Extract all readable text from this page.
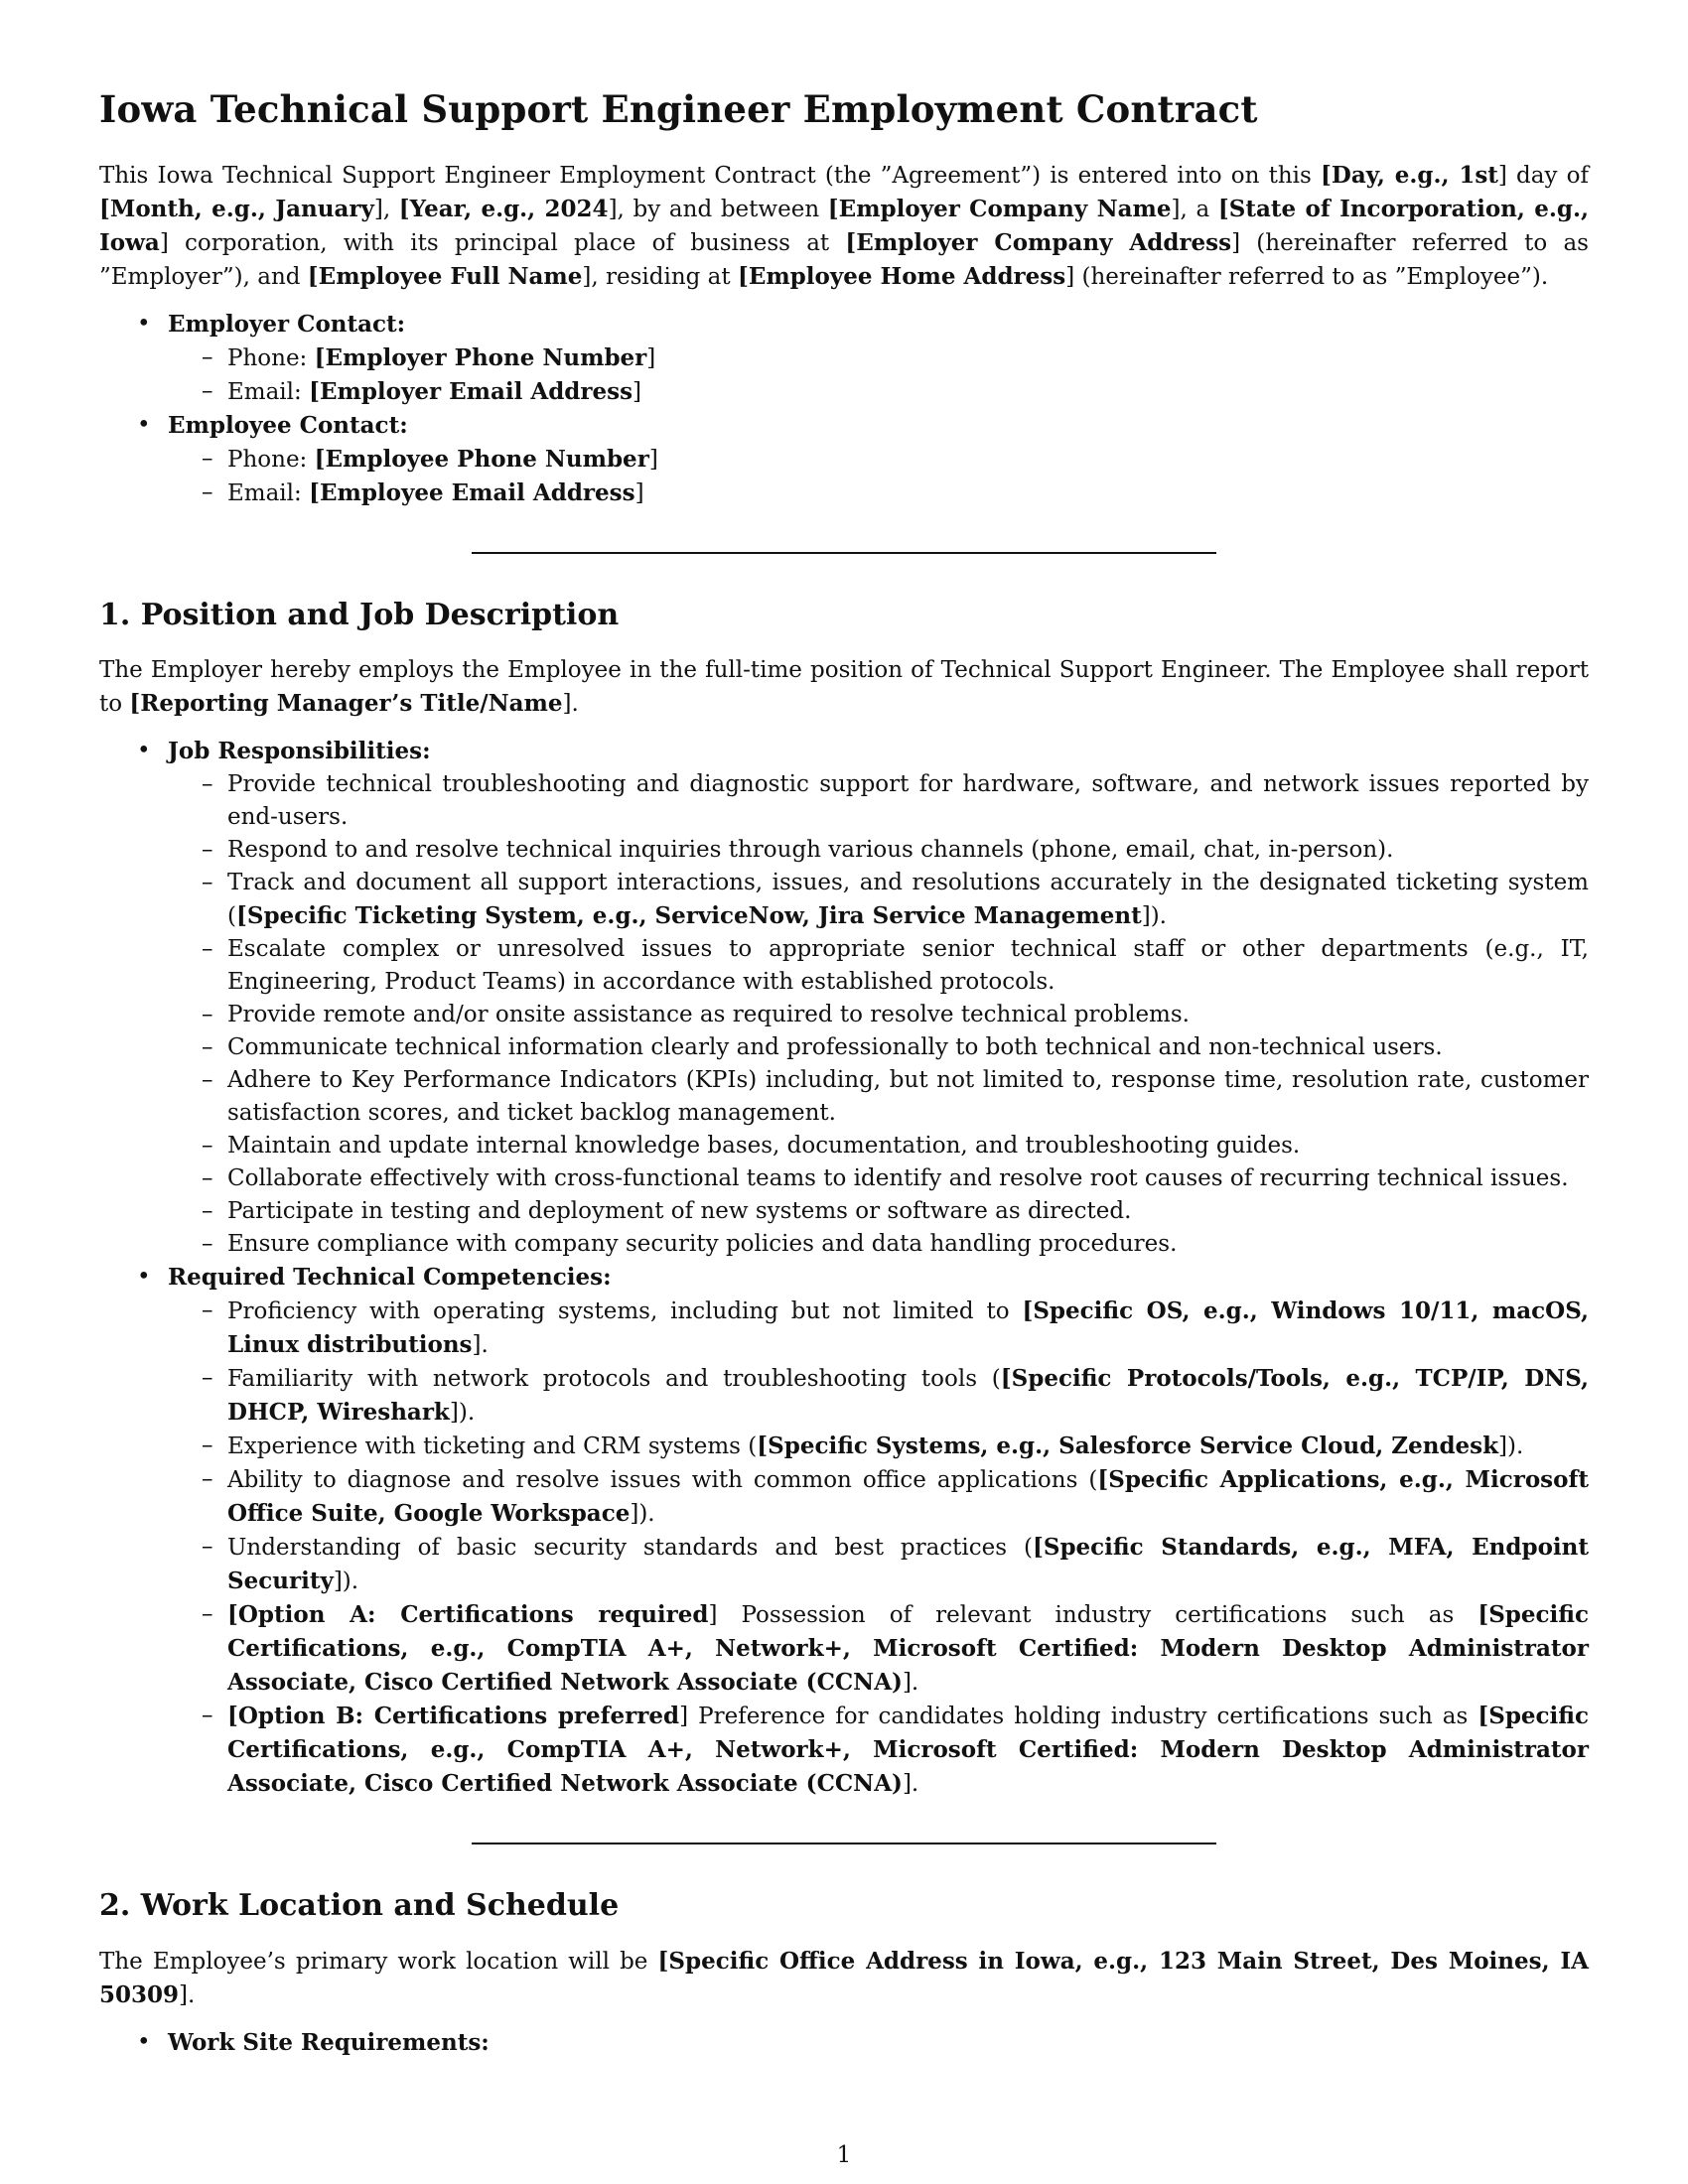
Iowa Technical Support Engineer Employment Contract

This Iowa Technical Support Engineer Employment Contract (the ”Agreement”) is entered into on this [Day, e.g., 1st] day of [Month, e.g., January], [Year, e.g., 2024], by and between [Employer Company Name], a [State of Incorporation, e.g., Iowa] corporation, with its principal place of business at [Employer Company Address] (hereinafter referred to as ”Employer”), and [Employee Full Name], residing at [Employee Home Address] (hereinafter referred to as ”Employee”).

• Employer Contact:
– Phone: [Employer Phone Number]
– Email: [Employer Email Address]
• Employee Contact:
– Phone: [Employee Phone Number]
– Email: [Employee Email Address]
1. Position and Job Description

The Employer hereby employs the Employee in the full-time position of Technical Support Engineer. The Employee shall report to [Reporting Manager’s Title/Name].

• Job Responsibilities:
– Provide technical troubleshooting and diagnostic support for hardware, software, and network issues reported by end-users.
– Respond to and resolve technical inquiries through various channels (phone, email, chat, in-person).
– Track and document all support interactions, issues, and resolutions accurately in the designated ticketing system ([Specific Ticketing System, e.g., ServiceNow, Jira Service Management]).
– Escalate complex or unresolved issues to appropriate senior technical staff or other departments (e.g., IT, Engineering, Product Teams) in accordance with established protocols.
– Provide remote and/or onsite assistance as required to resolve technical problems.
– Communicate technical information clearly and professionally to both technical and non-technical users.
– Adhere to Key Performance Indicators (KPIs) including, but not limited to, response time, resolution rate, customer satisfaction scores, and ticket backlog management.
– Maintain and update internal knowledge bases, documentation, and troubleshooting guides.
– Collaborate effectively with cross-functional teams to identify and resolve root causes of recurring technical issues.
– Participate in testing and deployment of new systems or software as directed.
– Ensure compliance with company security policies and data handling procedures.
• Required Technical Competencies:
– Proficiency with operating systems, including but not limited to [Specific OS, e.g., Windows 10/11, macOS, Linux distributions].
– Familiarity with network protocols and troubleshooting tools ([Specific Protocols/Tools, e.g., TCP/IP, DNS, DHCP, Wireshark]).
– Experience with ticketing and CRM systems ([Specific Systems, e.g., Salesforce Service Cloud, Zendesk]).
– Ability to diagnose and resolve issues with common office applications ([Specific Applications, e.g., Microsoft Office Suite, Google Workspace]).
– Understanding of basic security standards and best practices ([Specific Standards, e.g., MFA, Endpoint Security]).
– [Option A: Certifications required] Possession of relevant industry certifications such as [Specific Certifications, e.g., CompTIA A+, Network+, Microsoft Certified: Modern Desktop Administrator Associate, Cisco Certified Network Associate (CCNA)].
– [Option B: Certifications preferred] Preference for candidates holding industry certifications such as [Specific Certifications, e.g., CompTIA A+, Network+, Microsoft Certified: Modern Desktop Administrator Associate, Cisco Certified Network Associate (CCNA)].
2. Work Location and Schedule

The Employee’s primary work location will be [Specific Office Address in Iowa, e.g., 123 Main Street, Des Moines, IA 50309].

• Work Site Requirements:
1
